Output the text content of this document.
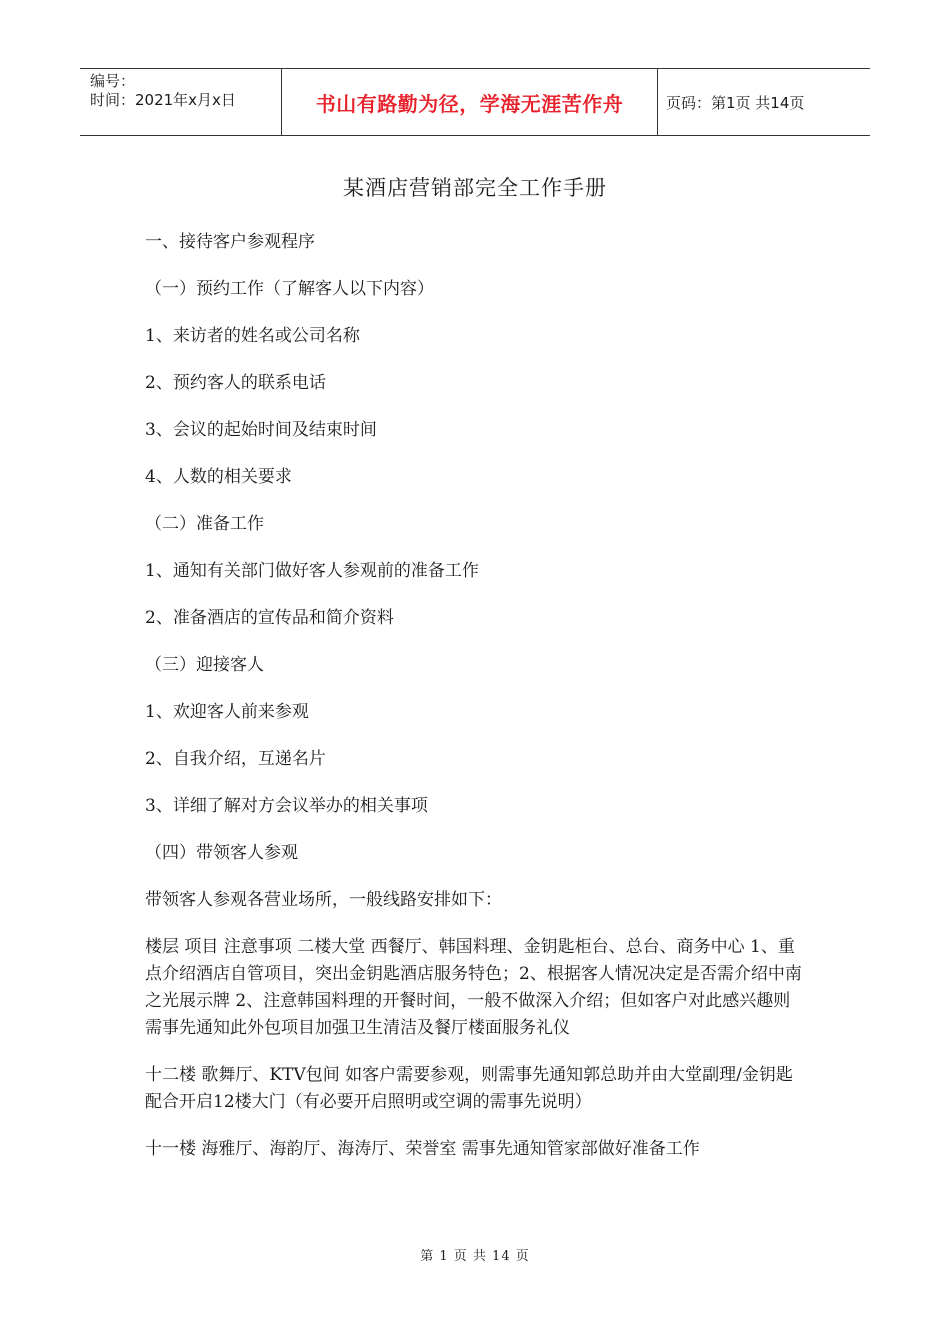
编号：
时间：2021年x月x日	书山有路勤为径，学海无涯苦作舟	页码：第1页 共14页
某酒店营销部完全工作手册

一、接待客户参观程序

（一）预约工作（了解客人以下内容）

1、来访者的姓名或公司名称

2、预约客人的联系电话

3、会议的起始时间及结束时间

4、人数的相关要求

（二）准备工作

1、通知有关部门做好客人参观前的准备工作

2、准备酒店的宣传品和简介资料

（三）迎接客人

1、欢迎客人前来参观

2、自我介绍，互递名片

3、详细了解对方会议举办的相关事项

（四）带领客人参观

带领客人参观各营业场所，一般线路安排如下：

楼层 项目 注意事项 二楼大堂 西餐厅、韩国料理、金钥匙柜台、总台、商务中心 1、重点介绍酒店自管项目，突出金钥匙酒店服务特色；2、根据客人情况决定是否需介绍中南之光展示牌 2、注意韩国料理的开餐时间，一般不做深入介绍；但如客户对此感兴趣则需事先通知此外包项目加强卫生清洁及餐厅楼面服务礼仪

十二楼 歌舞厅、KTV包间 如客户需要参观，则需事先通知郭总助并由大堂副理/金钥匙配合开启12楼大门（有必要开启照明或空调的需事先说明）

十一楼 海雅厅、海韵厅、海涛厅、荣誉室 需事先通知管家部做好准备工作

第 1 页 共 14 页
